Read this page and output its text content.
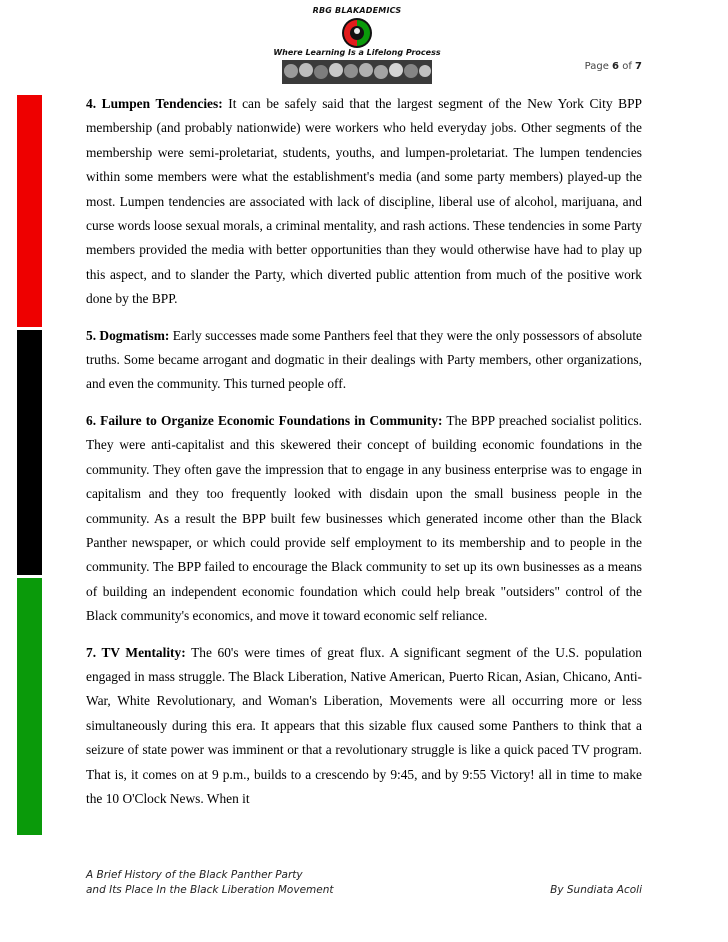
RBG BLAKADEMICS
Where Learning Is a Lifelong Process
Page 6 of 7

4. Lumpen Tendencies: It can be safely said that the largest segment of the New York City BPP membership (and probably nationwide) were workers who held everyday jobs. Other segments of the membership were semi-proletariat, students, youths, and lumpen-proletariat. The lumpen tendencies within some members were what the establishment's media (and some party members) played-up the most. Lumpen tendencies are associated with lack of discipline, liberal use of alcohol, marijuana, and curse words loose sexual morals, a criminal mentality, and rash actions. These tendencies in some Party members provided the media with better opportunities than they would otherwise have had to play up this aspect, and to slander the Party, which diverted public attention from much of the positive work done by the BPP.

5. Dogmatism: Early successes made some Panthers feel that they were the only possessors of absolute truths. Some became arrogant and dogmatic in their dealings with Party members, other organizations, and even the community. This turned people off.

6. Failure to Organize Economic Foundations in Community: The BPP preached socialist politics. They were anti-capitalist and this skewered their concept of building economic foundations in the community. They often gave the impression that to engage in any business enterprise was to engage in capitalism and they too frequently looked with disdain upon the small business people in the community. As a result the BPP built few businesses which generated income other than the Black Panther newspaper, or which could provide self employment to its membership and to people in the community. The BPP failed to encourage the Black community to set up its own businesses as a means of building an independent economic foundation which could help break "outsiders" control of the Black community's economics, and move it toward economic self reliance.

7. TV Mentality: The 60's were times of great flux. A significant segment of the U.S. population engaged in mass struggle. The Black Liberation, Native American, Puerto Rican, Asian, Chicano, Anti-War, White Revolutionary, and Woman's Liberation, Movements were all occurring more or less simultaneously during this era. It appears that this sizable flux caused some Panthers to think that a seizure of state power was imminent or that a revolutionary struggle is like a quick paced TV program. That is, it comes on at 9 p.m., builds to a crescendo by 9:45, and by 9:55 Victory! all in time to make the 10 O'Clock News. When it

A Brief History of the Black Panther Party
and Its Place In the Black Liberation Movement	By Sundiata Acoli
